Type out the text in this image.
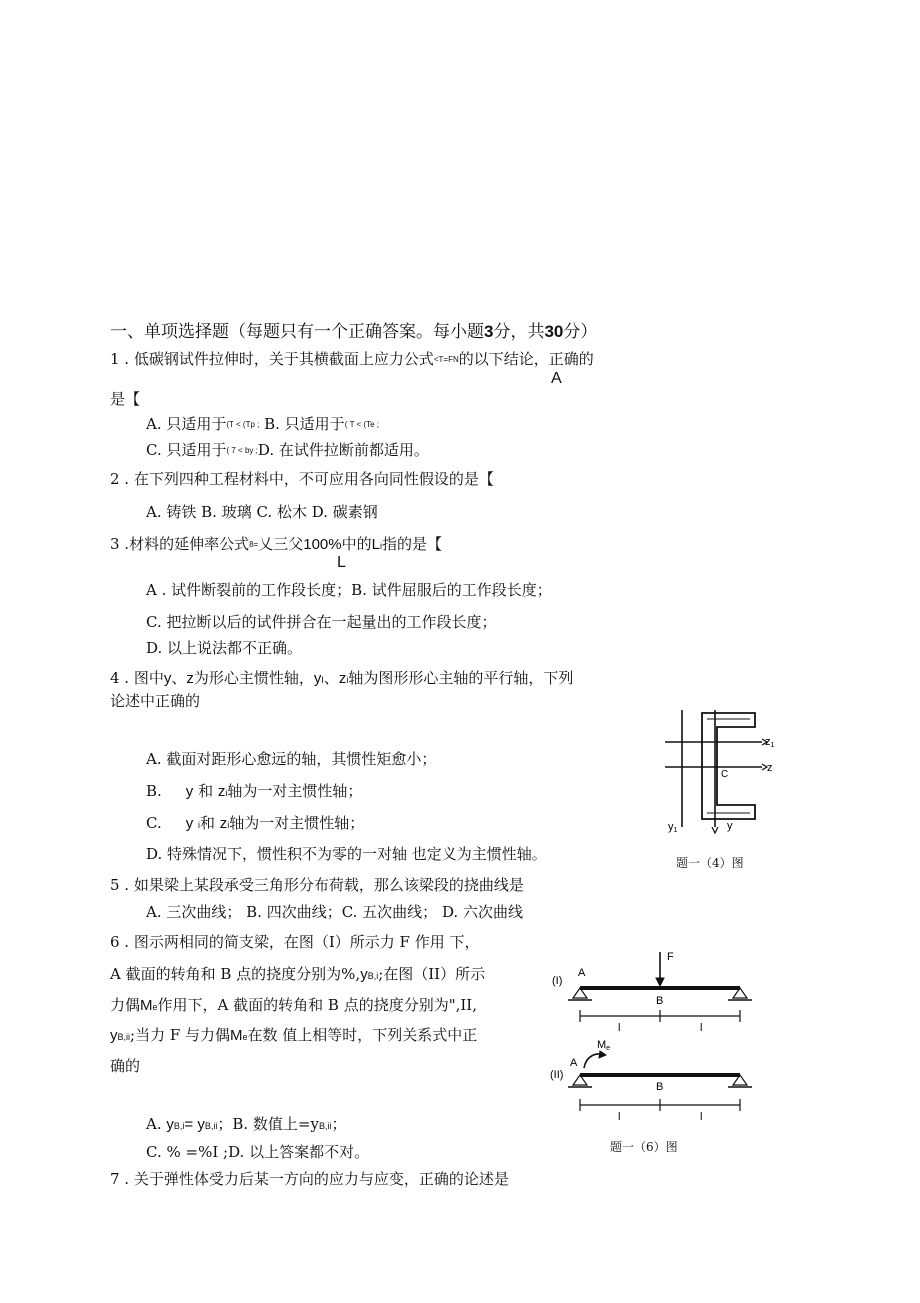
一、单项选择题（每题只有一个正确答案。每小题3分，共30分）
1 . 低碳钢试件拉伸时，关于其横截面上应力公式<T=FN的以下结论，正确的
A
是【
A. 只适用于(T < (Tp ; B. 只适用于( T < (Te ;
C. 只适用于( 7 < by ;D. 在试件拉断前都适用。
2 . 在下列四种工程材料中，不可应用各向同性假设的是【
A. 铸铁 B. 玻璃 C. 松木 D. 碳素钢
3 .材料的延伸率公式8=乂三父100%中的Li指的是【
L
A . 试件断裂前的工作段长度；B. 试件屈服后的工作段长度；
C. 把拉断以后的试件拼合在一起量出的工作段长度；
D. 以上说法都不正确。
4 . 图中y、z为形心主惯性轴，yI、zi轴为图形形心主轴的平行轴，下列
论述中正确的
A. 截面对距形心愈远的轴，其惯性矩愈小；
B. y 和 zi轴为一对主惯性轴；
C. y i和 zi轴为一对主惯性轴；
D. 特殊情况下，惯性积不为零的一对轴 也定义为主惯性轴。
z1
z
C
y1	y
题一（4）图
5 . 如果梁上某段承受三角形分布荷载，那么该梁段的挠曲线是
A. 三次曲线； B. 四次曲线；C. 五次曲线； D. 六次曲线
6 . 图示两相同的简支梁，在图（I）所示力 F 作用 下，
A 截面的转角和 B 点的挠度分别为%,yB,i;在图（II）所示
力偶Me作用下，A 截面的转角和 B 点的挠度分别为",II,
yB,ii;当力 F 与力偶Me在数 值上相等时，下列关系式中正
确的
A. yB,i= yB,ii；B. 数值上=yB,ii；
C. % =%I ;D. 以上答案都不对。
(I)
A
F
B
l	l
(II)
Me
A
B
l	l
题一（6）图
7 . 关于弹性体受力后某一方向的应力与应变，正确的论述是
